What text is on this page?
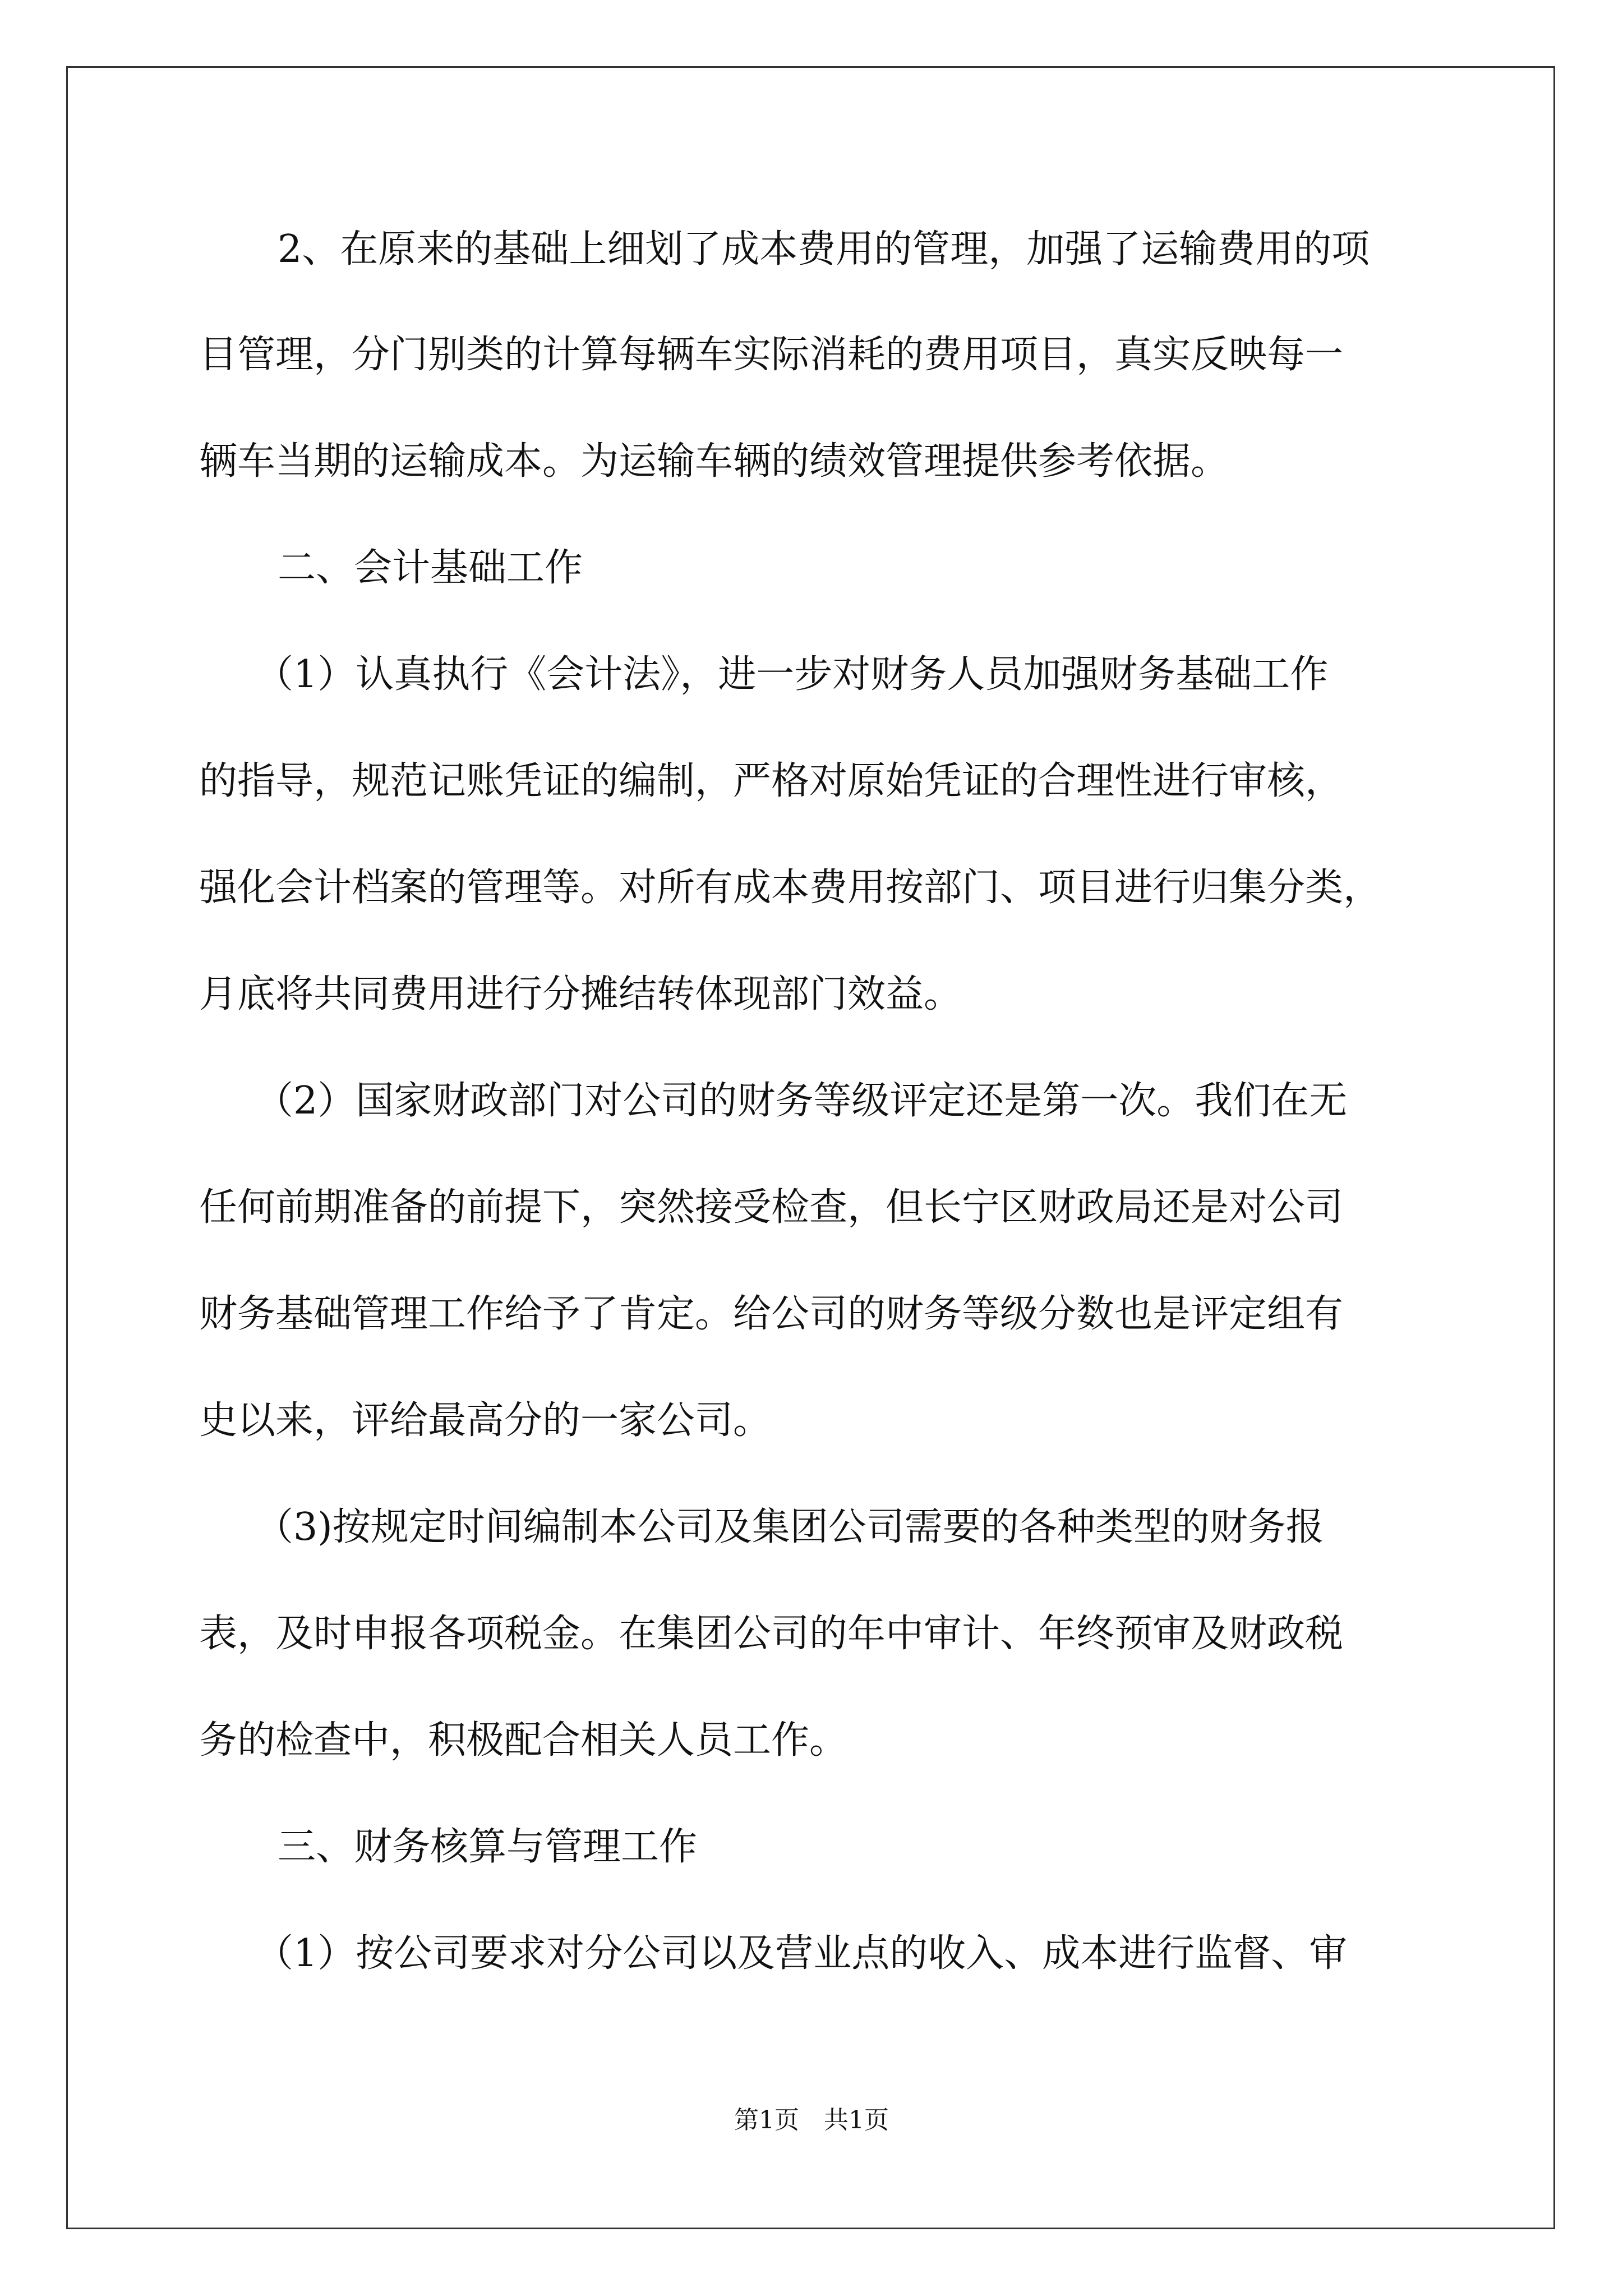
2、在原来的基础上细划了成本费用的管理，加强了运输费用的项
目管理，分门别类的计算每辆车实际消耗的费用项目，真实反映每一
辆车当期的运输成本。为运输车辆的绩效管理提供参考依据。
二、会计基础工作
（1）认真执行《会计法》，进一步对财务人员加强财务基础工作
的指导，规范记账凭证的编制，严格对原始凭证的合理性进行审核，
强化会计档案的管理等。对所有成本费用按部门、项目进行归集分类，
月底将共同费用进行分摊结转体现部门效益。
（2）国家财政部门对公司的财务等级评定还是第一次。我们在无
任何前期准备的前提下，突然接受检查，但长宁区财政局还是对公司
财务基础管理工作给予了肯定。给公司的财务等级分数也是评定组有
史以来，评给最高分的一家公司。
（3)按规定时间编制本公司及集团公司需要的各种类型的财务报
表，及时申报各项税金。在集团公司的年中审计、年终预审及财政税
务的检查中，积极配合相关人员工作。
三、财务核算与管理工作
（1）按公司要求对分公司以及营业点的收入、成本进行监督、审
第1页 共1页
